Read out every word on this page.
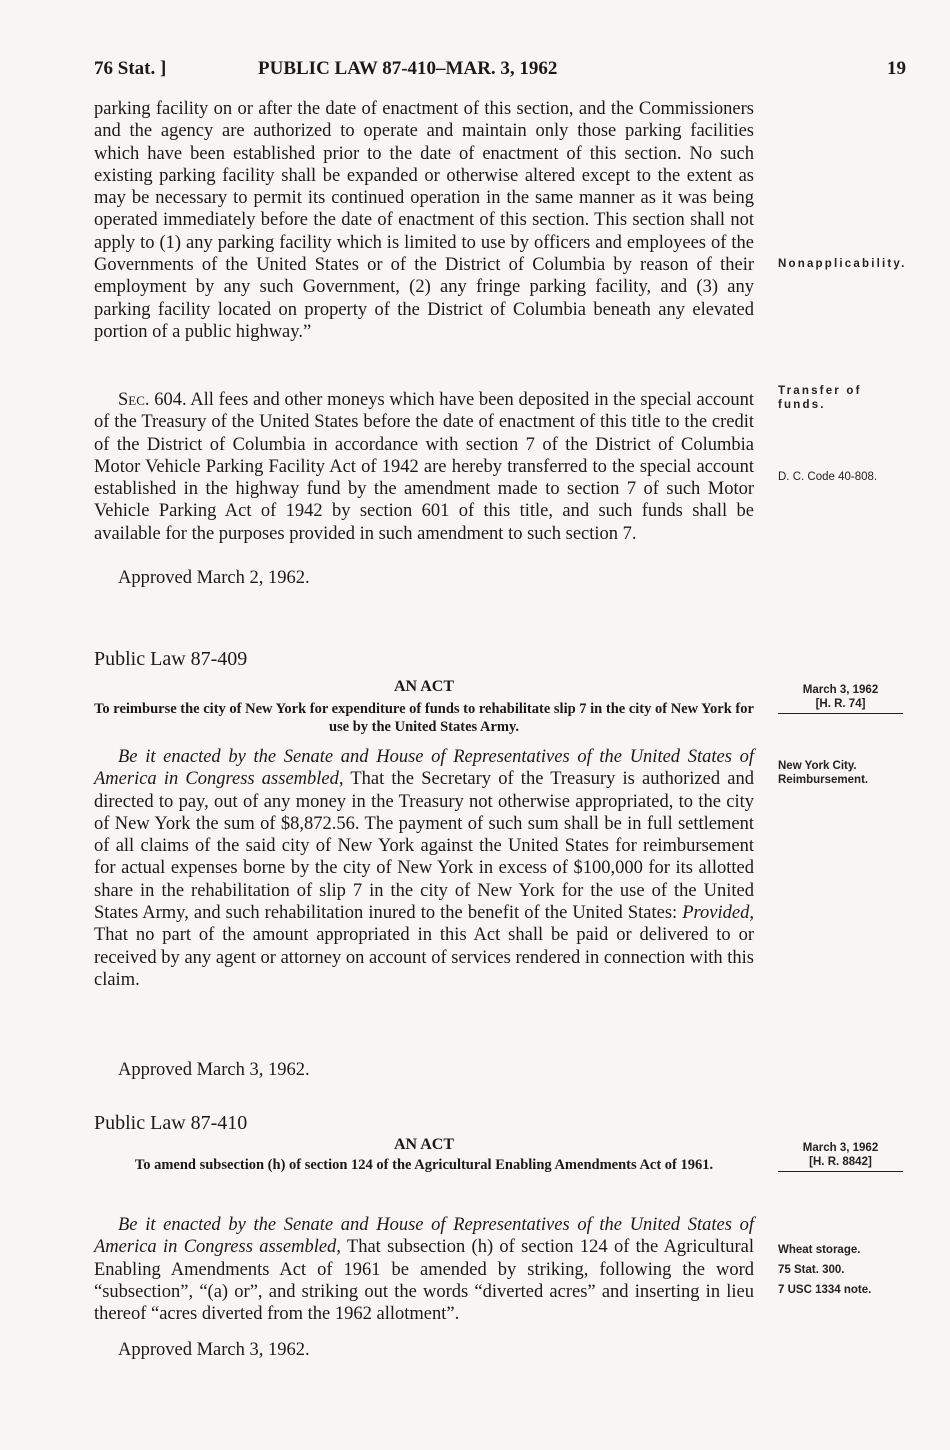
76 Stat. ]	PUBLIC LAW 87-410–MAR. 3, 1962	19

parking facility on or after the date of enactment of this section, and the Commissioners and the agency are authorized to operate and maintain only those parking facilities which have been established prior to the date of enactment of this section. No such existing parking facility shall be expanded or otherwise altered except to the extent as may be necessary to permit its continued operation in the same manner as it was being operated immediately before the date of enactment of this section. This section shall not apply to (1) any parking facility which is limited to use by officers and employees of the Governments of the United States or of the District of Columbia by reason of their employment by any such Government, (2) any fringe parking facility, and (3) any parking facility located on property of the District of Columbia beneath any elevated portion of a public highway.”

Sec. 604. All fees and other moneys which have been deposited in the special account of the Treasury of the United States before the date of enactment of this title to the credit of the District of Columbia in accordance with section 7 of the District of Columbia Motor Vehicle Parking Facility Act of 1942 are hereby transferred to the special account established in the highway fund by the amendment made to section 7 of such Motor Vehicle Parking Act of 1942 by section 601 of this title, and such funds shall be available for the purposes provided in such amendment to such section 7.

Approved March 2, 1962.
Public Law 87-409
AN ACT
To reimburse the city of New York for expenditure of funds to rehabilitate slip 7 in the city of New York for use by the United States Army.

Be it enacted by the Senate and House of Representatives of the United States of America in Congress assembled, That the Secretary of the Treasury is authorized and directed to pay, out of any money in the Treasury not otherwise appropriated, to the city of New York the sum of $8,872.56. The payment of such sum shall be in full settlement of all claims of the said city of New York against the United States for reimbursement for actual expenses borne by the city of New York in excess of $100,000 for its allotted share in the rehabilitation of slip 7 in the city of New York for the use of the United States Army, and such rehabilitation inured to the benefit of the United States: Provided, That no part of the amount appropriated in this Act shall be paid or delivered to or received by any agent or attorney on account of services rendered in connection with this claim.

Approved March 3, 1962.
Public Law 87-410
AN ACT
To amend subsection (h) of section 124 of the Agricultural Enabling Amendments Act of 1961.

Be it enacted by the Senate and House of Representatives of the United States of America in Congress assembled, That subsection (h) of section 124 of the Agricultural Enabling Amendments Act of 1961 be amended by striking, following the word “subsection”, “(a) or”, and striking out the words “diverted acres” and inserting in lieu thereof “acres diverted from the 1962 allotment”.

Approved March 3, 1962.
Nonapplicability.
Transfer of funds.
D. C. Code 40-808.
March 3, 1962
[H. R. 74]
New York City.
Reimbursement.
March 3, 1962
[H. R. 8842]
Wheat storage.
75 Stat. 300.
7 USC 1334 note.
